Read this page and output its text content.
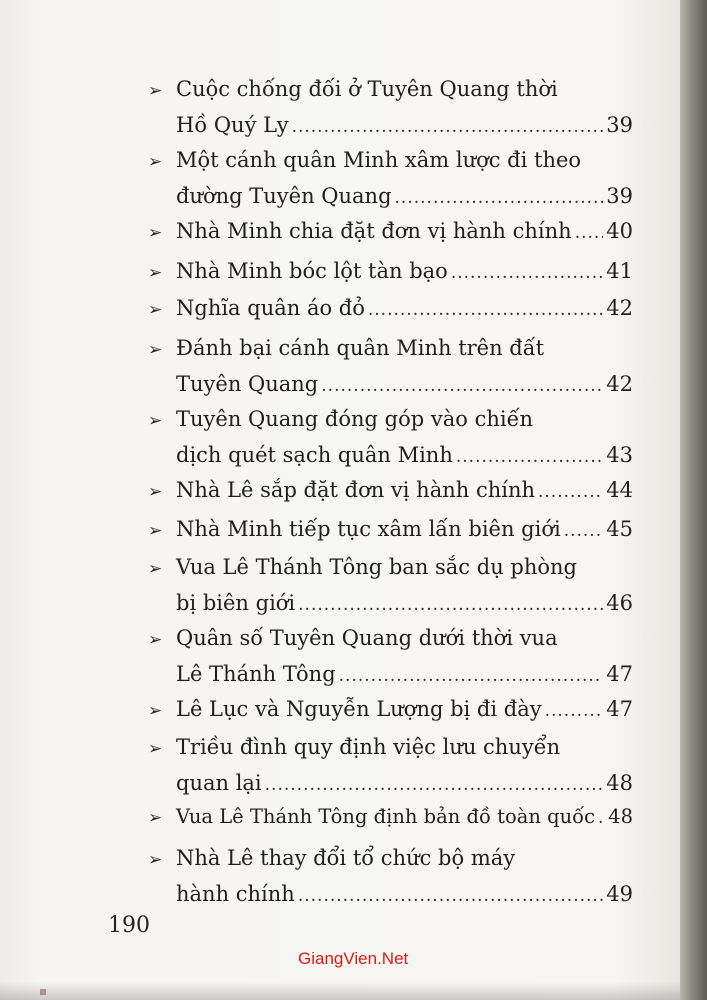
➢ Cuộc chống đối ở Tuyên Quang thời
Hồ Quý Ly .....	39
➢ Một cánh quân Minh xâm lược đi theo
đường Tuyên Quang .....	39
➢ Nhà Minh chia đặt đơn vị hành chính ..... 40
➢ Nhà Minh bóc lột tàn bạo .....	41
➢ Nghĩa quân áo đỏ .....	42
➢ Đánh bại cánh quân Minh trên đất
Tuyên Quang .....	42
➢ Tuyên Quang đóng góp vào chiến
dịch quét sạch quân Minh .....	43
➢ Nhà Lê sắp đặt đơn vị hành chính .....	44
➢ Nhà Minh tiếp tục xâm lấn biên giới ..... 45
➢ Vua Lê Thánh Tông ban sắc dụ phòng
bị biên giới .....	46
➢ Quân số Tuyên Quang dưới thời vua
Lê Thánh Tông .....	47
➢ Lê Lục và Nguyễn Lượng bị đi đày .....	47
➢ Triều đình quy định việc lưu chuyển
quan lại .....	48
➢ Vua Lê Thánh Tông định bản đồ toàn quốc ..... 48
➢ Nhà Lê thay đổi tổ chức bộ máy
hành chính .....	49
190
GiangVien.Net
